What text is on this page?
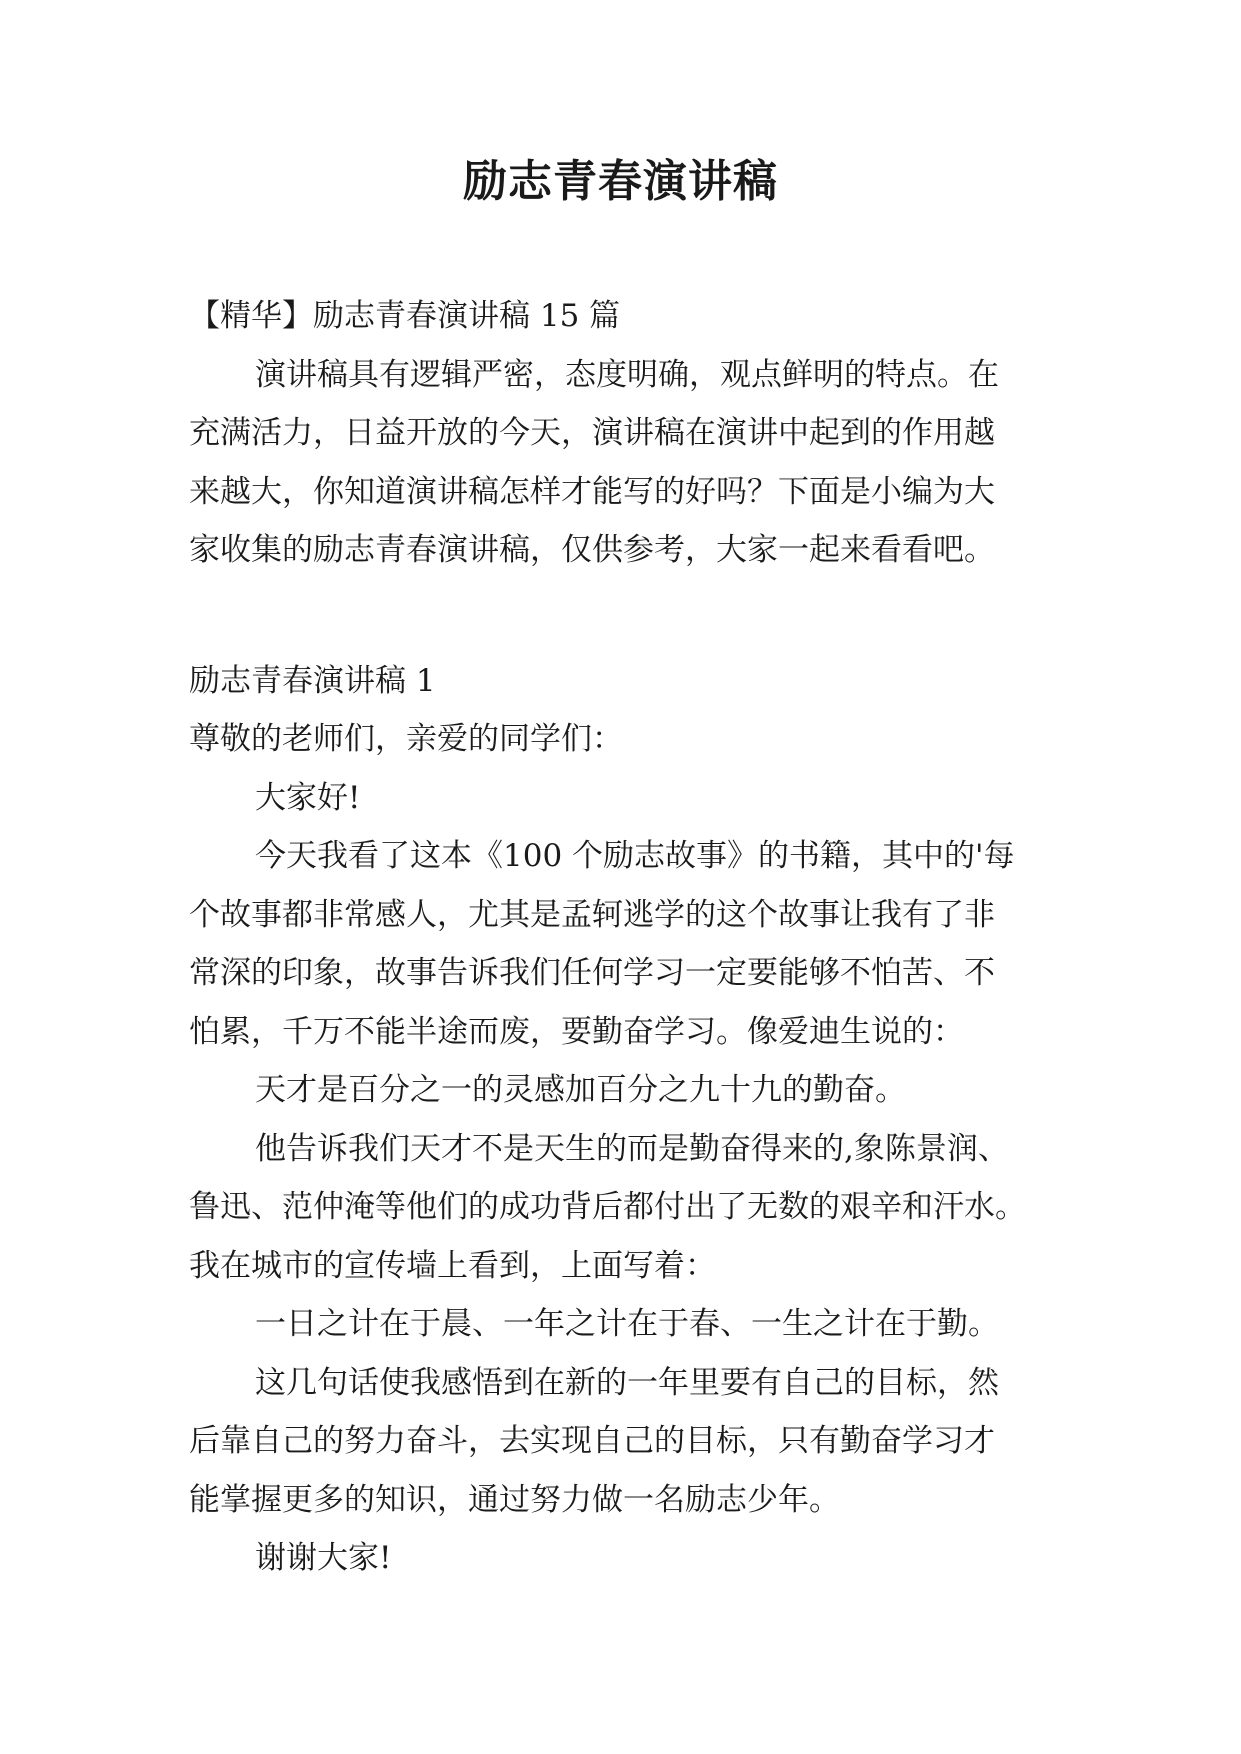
励志青春演讲稿
【精华】励志青春演讲稿 15 篇
演讲稿具有逻辑严密，态度明确，观点鲜明的特点。在
充满活力，日益开放的今天，演讲稿在演讲中起到的作用越
来越大，你知道演讲稿怎样才能写的好吗？下面是小编为大
家收集的励志青春演讲稿，仅供参考，大家一起来看看吧。
励志青春演讲稿 1
尊敬的老师们，亲爱的同学们：
大家好!
今天我看了这本《100 个励志故事》的书籍，其中的'每
个故事都非常感人，尤其是孟轲逃学的这个故事让我有了非
常深的印象，故事告诉我们任何学习一定要能够不怕苦、不
怕累，千万不能半途而废，要勤奋学习。像爱迪生说的：
天才是百分之一的灵感加百分之九十九的勤奋。
他告诉我们天才不是天生的而是勤奋得来的,象陈景润、
鲁迅、范仲淹等他们的成功背后都付出了无数的艰辛和汗水。
我在城市的宣传墙上看到，上面写着：
一日之计在于晨、一年之计在于春、一生之计在于勤。
这几句话使我感悟到在新的一年里要有自己的目标，然
后靠自己的努力奋斗，去实现自己的目标，只有勤奋学习才
能掌握更多的知识，通过努力做一名励志少年。
谢谢大家!
